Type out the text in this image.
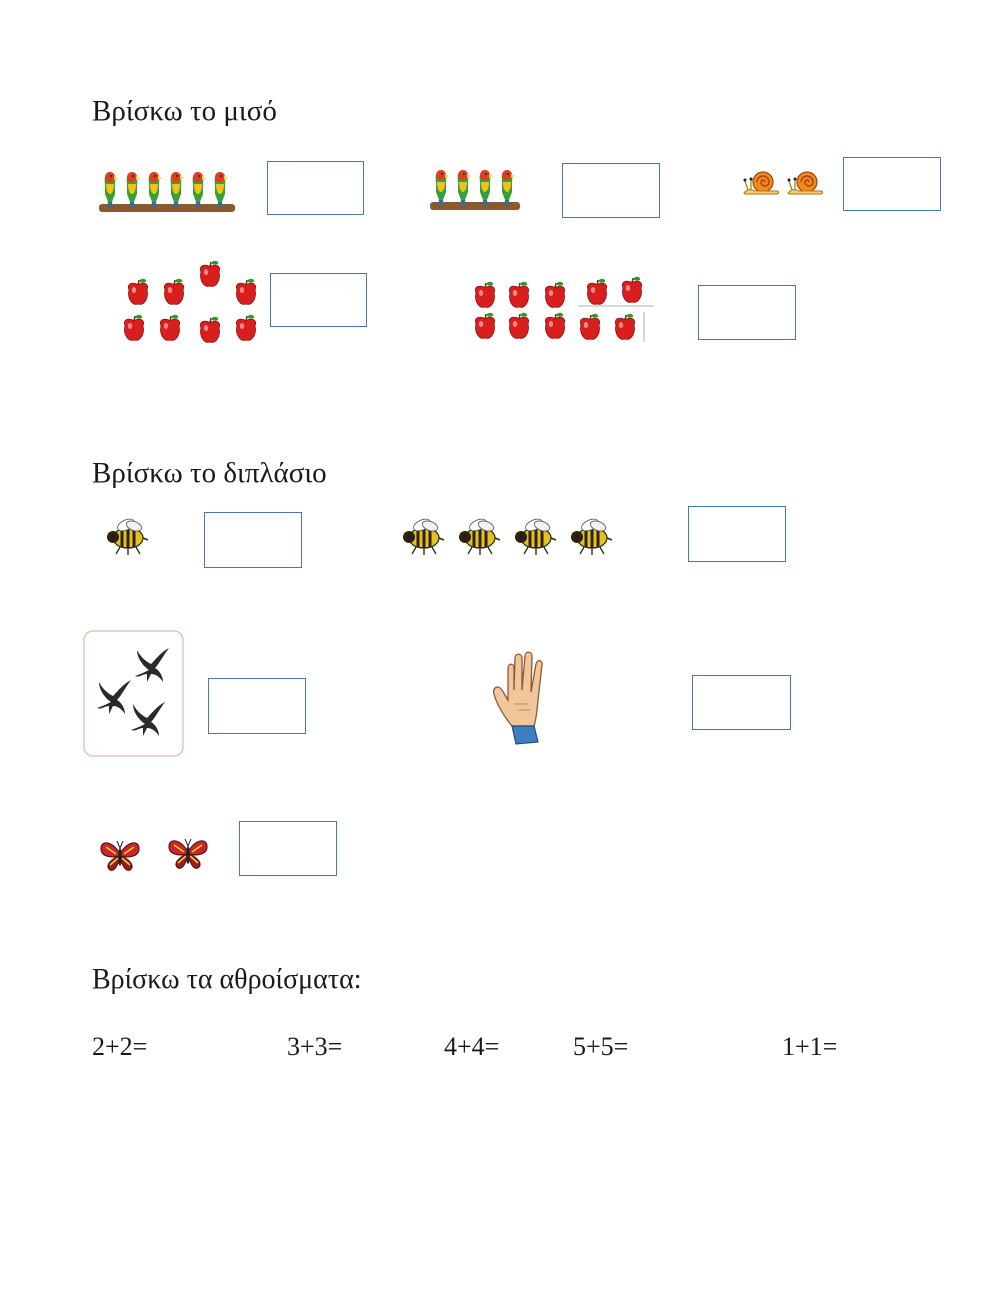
Βρίσκω το μισό
Βρίσκω το διπλάσιο
Βρίσκω τα αθροίσματα:
2+2=	3+3=	4+4=	5+5=	1+1=
